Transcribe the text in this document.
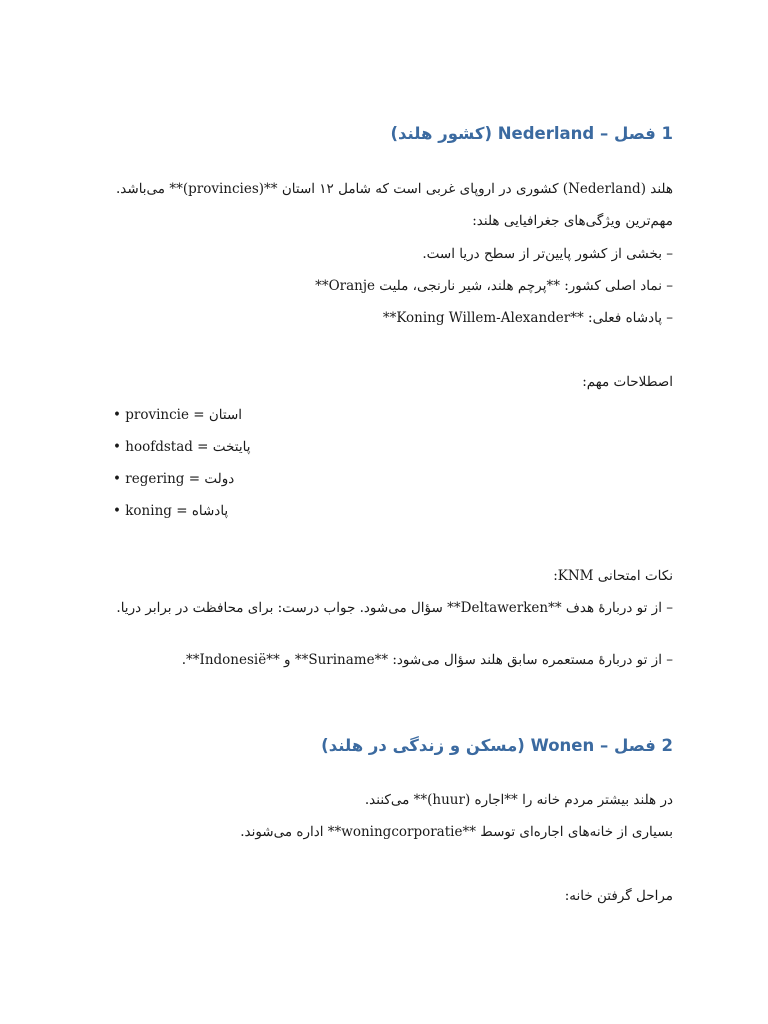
1 فصل – Nederland (کشور هلند)
هلند (Nederland) کشوری در اروپای غربی است که شامل ۱۲ استان **(provincies)** می‌باشد.
مهم‌ترین ویژگی‌های جغرافیایی هلند:
– بخشی از کشور پایین‌تر از سطح دریا است.
– نماد اصلی کشور: **پرچم هلند، شیر نارنجی، ملیت Oranje**
– پادشاه فعلی: **Koning Willem-Alexander**
اصطلاحات مهم:
• provincie = استان
• hoofdstad = پایتخت
• regering = دولت
• koning = پادشاه
نکات امتحانی KNM:
– از تو دربارهٔ هدف **Deltawerken** سؤال می‌شود. جواب درست: برای محافظت در برابر دریا.
– از تو دربارهٔ مستعمره سابق هلند سؤال می‌شود: **Suriname** و **Indonesië**.
2 فصل – Wonen (مسکن و زندگی در هلند)
در هلند بیشتر مردم خانه را **اجاره (huur)** می‌کنند.
بسیاری از خانه‌های اجاره‌ای توسط **woningcorporatie** اداره می‌شوند.
مراحل گرفتن خانه:
